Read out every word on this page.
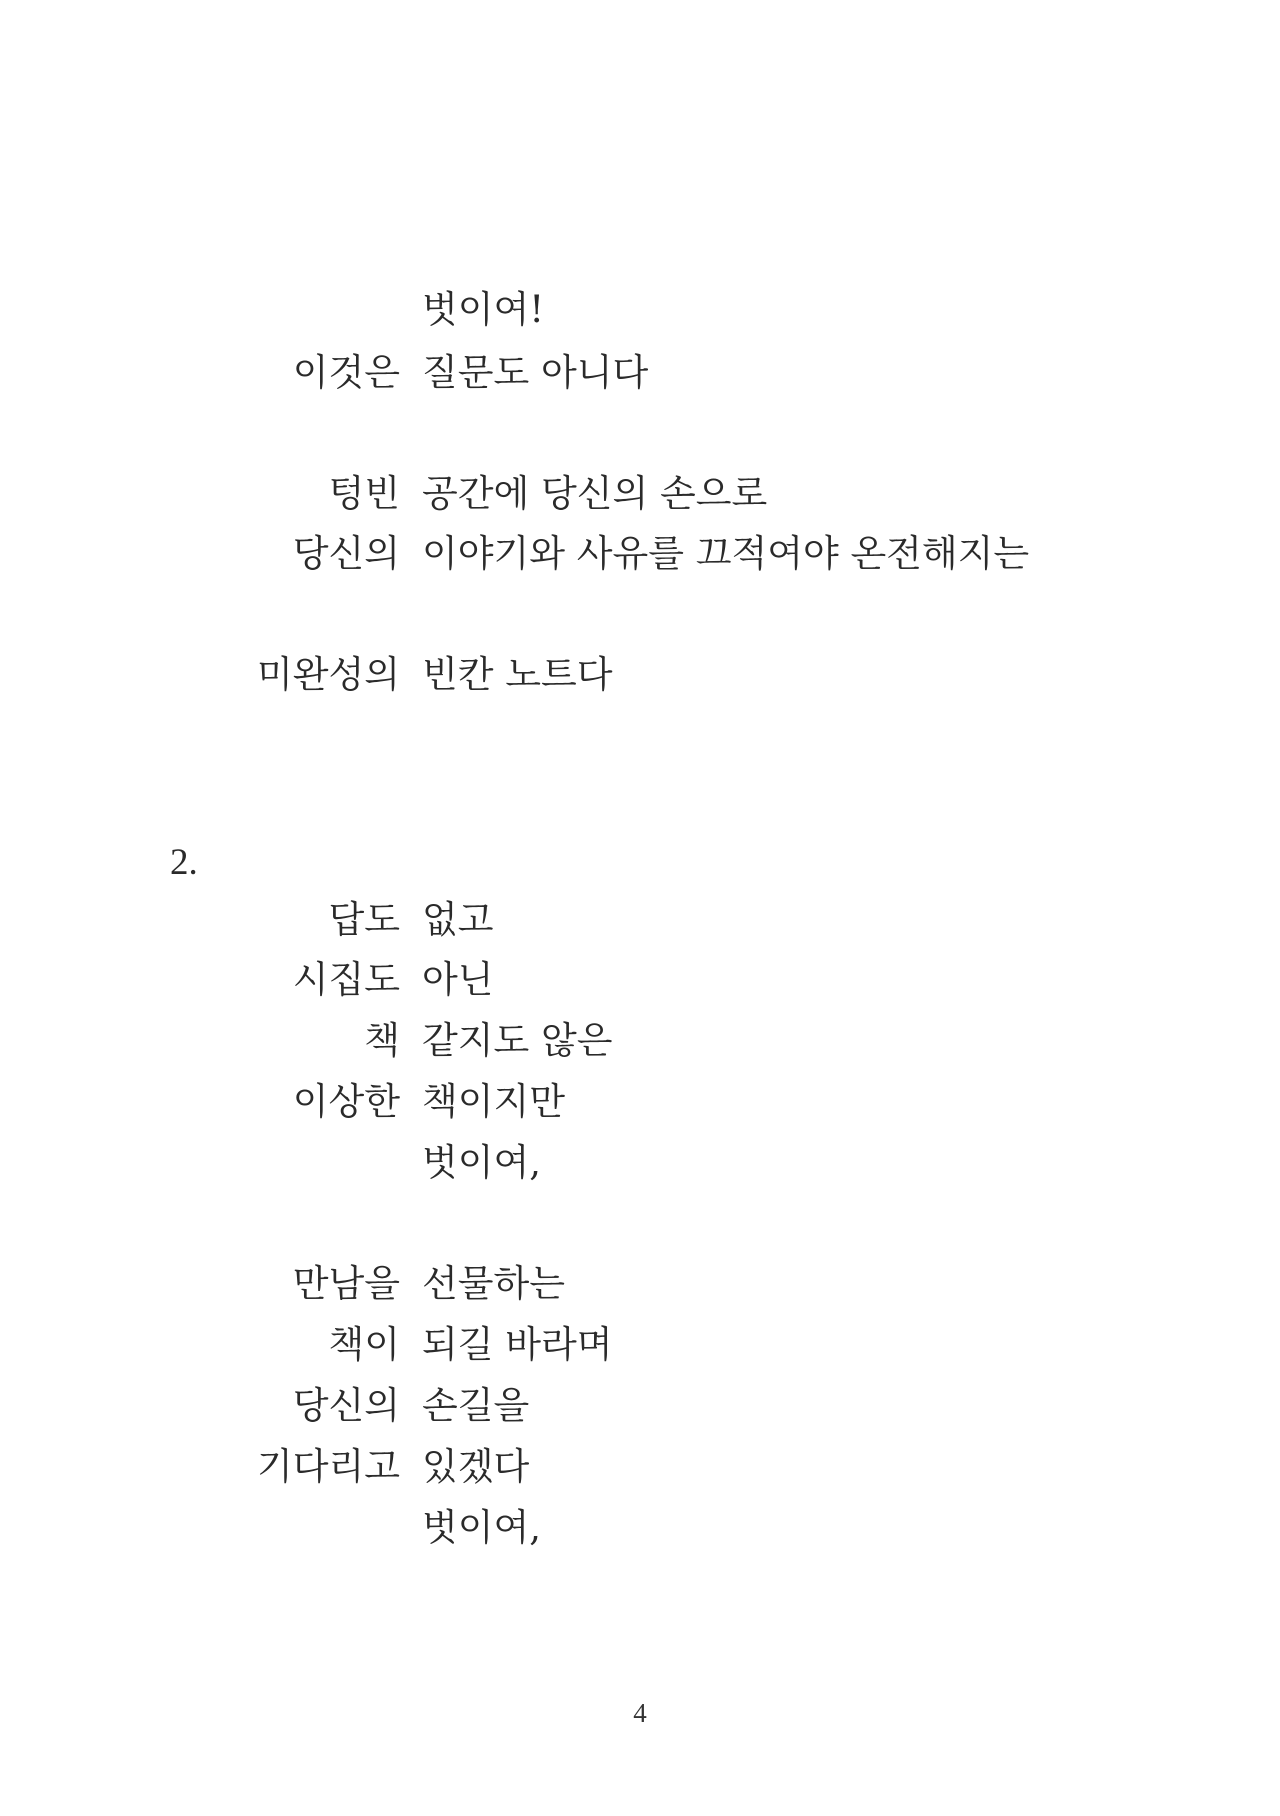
벗이여!
이것은 질문도 아니다
텅빈 공간에 당신의 손으로
당신의 이야기와 사유를 끄적여야 온전해지는
미완성의 빈칸 노트다
2.
답도 없고
시집도 아닌
책 같지도 않은
이상한 책이지만
벗이여,
만남을 선물하는
책이 되길 바라며
당신의 손길을
기다리고 있겠다
벗이여,
4
